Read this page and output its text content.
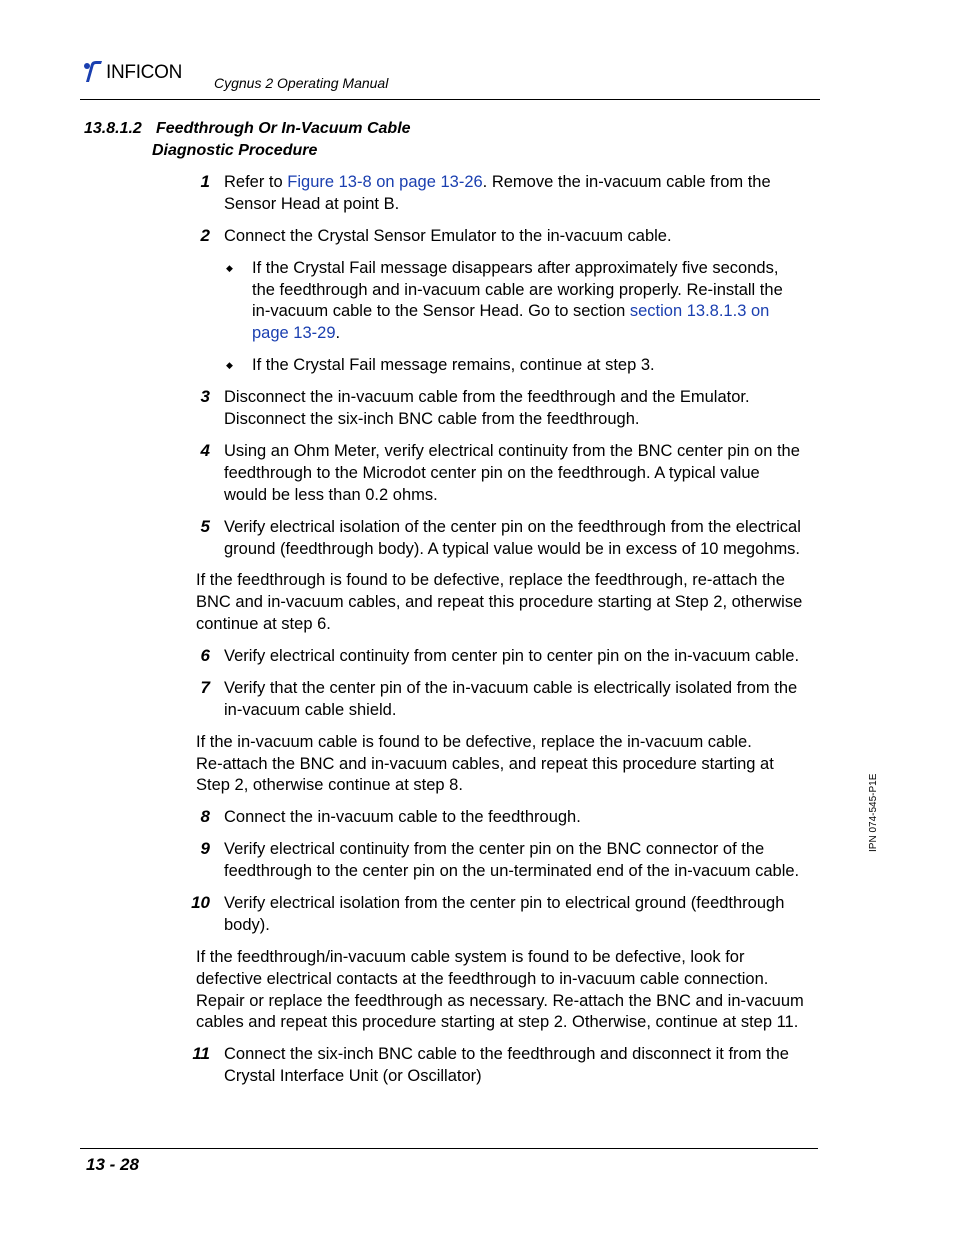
INFICON
Cygnus 2 Operating Manual
13.8.1.2 Feedthrough Or In-Vacuum Cable
Diagnostic Procedure
1 Refer to Figure 13-8 on page 13-26. Remove the in-vacuum cable from the
Sensor Head at point B.
2 Connect the Crystal Sensor Emulator to the in-vacuum cable.
◆ If the Crystal Fail message disappears after approximately five seconds,
the feedthrough and in-vacuum cable are working properly. Re-install the
in-vacuum cable to the Sensor Head. Go to section section 13.8.1.3 on
page 13-29.
◆ If the Crystal Fail message remains, continue at step 3.
3 Disconnect the in-vacuum cable from the feedthrough and the Emulator.
Disconnect the six-inch BNC cable from the feedthrough.
4 Using an Ohm Meter, verify electrical continuity from the BNC center pin on the
feedthrough to the Microdot center pin on the feedthrough. A typical value
would be less than 0.2 ohms.
5 Verify electrical isolation of the center pin on the feedthrough from the electrical
ground (feedthrough body). A typical value would be in excess of 10 megohms.
If the feedthrough is found to be defective, replace the feedthrough, re-attach the
BNC and in-vacuum cables, and repeat this procedure starting at Step 2, otherwise
continue at step 6.
6 Verify electrical continuity from center pin to center pin on the in-vacuum cable.
7 Verify that the center pin of the in-vacuum cable is electrically isolated from the
in-vacuum cable shield.
If the in-vacuum cable is found to be defective, replace the in-vacuum cable.
Re-attach the BNC and in-vacuum cables, and repeat this procedure starting at
Step 2, otherwise continue at step 8.
8 Connect the in-vacuum cable to the feedthrough.
9 Verify electrical continuity from the center pin on the BNC connector of the
feedthrough to the center pin on the un-terminated end of the in-vacuum cable.
10 Verify electrical isolation from the center pin to electrical ground (feedthrough
body).
If the feedthrough/in-vacuum cable system is found to be defective, look for
defective electrical contacts at the feedthrough to in-vacuum cable connection.
Repair or replace the feedthrough as necessary. Re-attach the BNC and in-vacuum
cables and repeat this procedure starting at step 2. Otherwise, continue at step 11.
11 Connect the six-inch BNC cable to the feedthrough and disconnect it from the
Crystal Interface Unit (or Oscillator)
IPN 074-545-P1E
13 - 28
